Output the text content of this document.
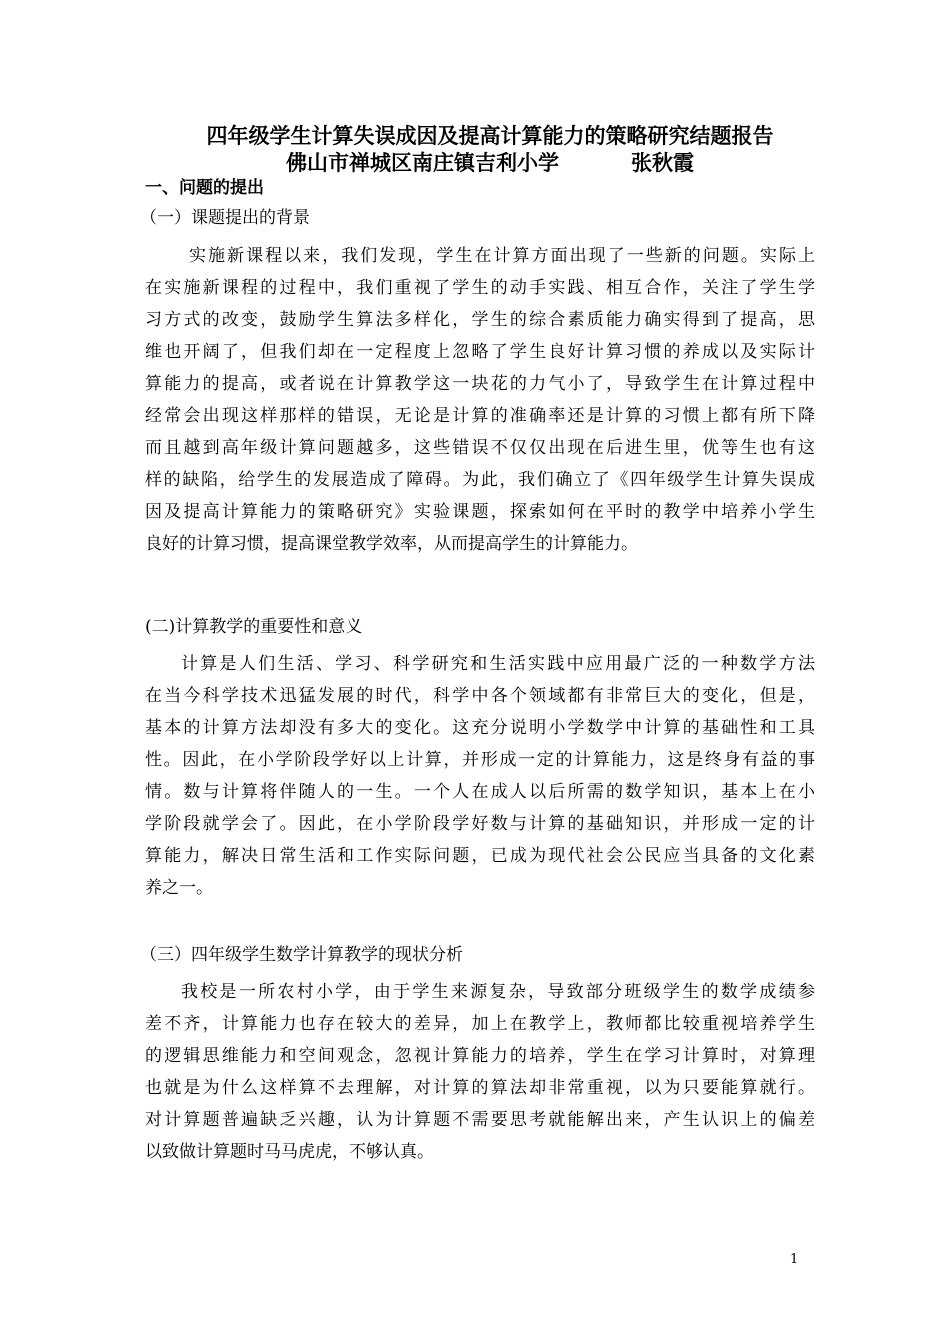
四年级学生计算失误成因及提高计算能力的策略研究结题报告
佛山市禅城区南庄镇吉利小学	张秋霞
一、问题的提出
（一）课题提出的背景
实施新课程以来，我们发现，学生在计算方面出现了一些新的问题。实际上
在实施新课程的过程中，我们重视了学生的动手实践、相互合作，关注了学生学
习方式的改变，鼓励学生算法多样化，学生的综合素质能力确实得到了提高，思
维也开阔了，但我们却在一定程度上忽略了学生良好计算习惯的养成以及实际计
算能力的提高，或者说在计算教学这一块花的力气小了，导致学生在计算过程中
经常会出现这样那样的错误，无论是计算的准确率还是计算的习惯上都有所下降
而且越到高年级计算问题越多，这些错误不仅仅出现在后进生里，优等生也有这
样的缺陷，给学生的发展造成了障碍。为此，我们确立了《四年级学生计算失误成
因及提高计算能力的策略研究》实验课题，探索如何在平时的教学中培养小学生
良好的计算习惯，提高课堂教学效率，从而提高学生的计算能力。
(二)计算教学的重要性和意义
计算是人们生活、学习、科学研究和生活实践中应用最广泛的一种数学方法
在当今科学技术迅猛发展的时代，科学中各个领域都有非常巨大的变化，但是，
基本的计算方法却没有多大的变化。这充分说明小学数学中计算的基础性和工具
性。因此，在小学阶段学好以上计算，并形成一定的计算能力，这是终身有益的事
情。数与计算将伴随人的一生。一个人在成人以后所需的数学知识，基本上在小
学阶段就学会了。因此，在小学阶段学好数与计算的基础知识，并形成一定的计
算能力，解决日常生活和工作实际问题，已成为现代社会公民应当具备的文化素
养之一。
（三）四年级学生数学计算教学的现状分析
我校是一所农村小学，由于学生来源复杂，导致部分班级学生的数学成绩参
差不齐，计算能力也存在较大的差异，加上在教学上，教师都比较重视培养学生
的逻辑思维能力和空间观念，忽视计算能力的培养，学生在学习计算时，对算理
也就是为什么这样算不去理解，对计算的算法却非常重视，以为只要能算就行。
对计算题普遍缺乏兴趣，认为计算题不需要思考就能解出来，产生认识上的偏差
以致做计算题时马马虎虎，不够认真。
1
